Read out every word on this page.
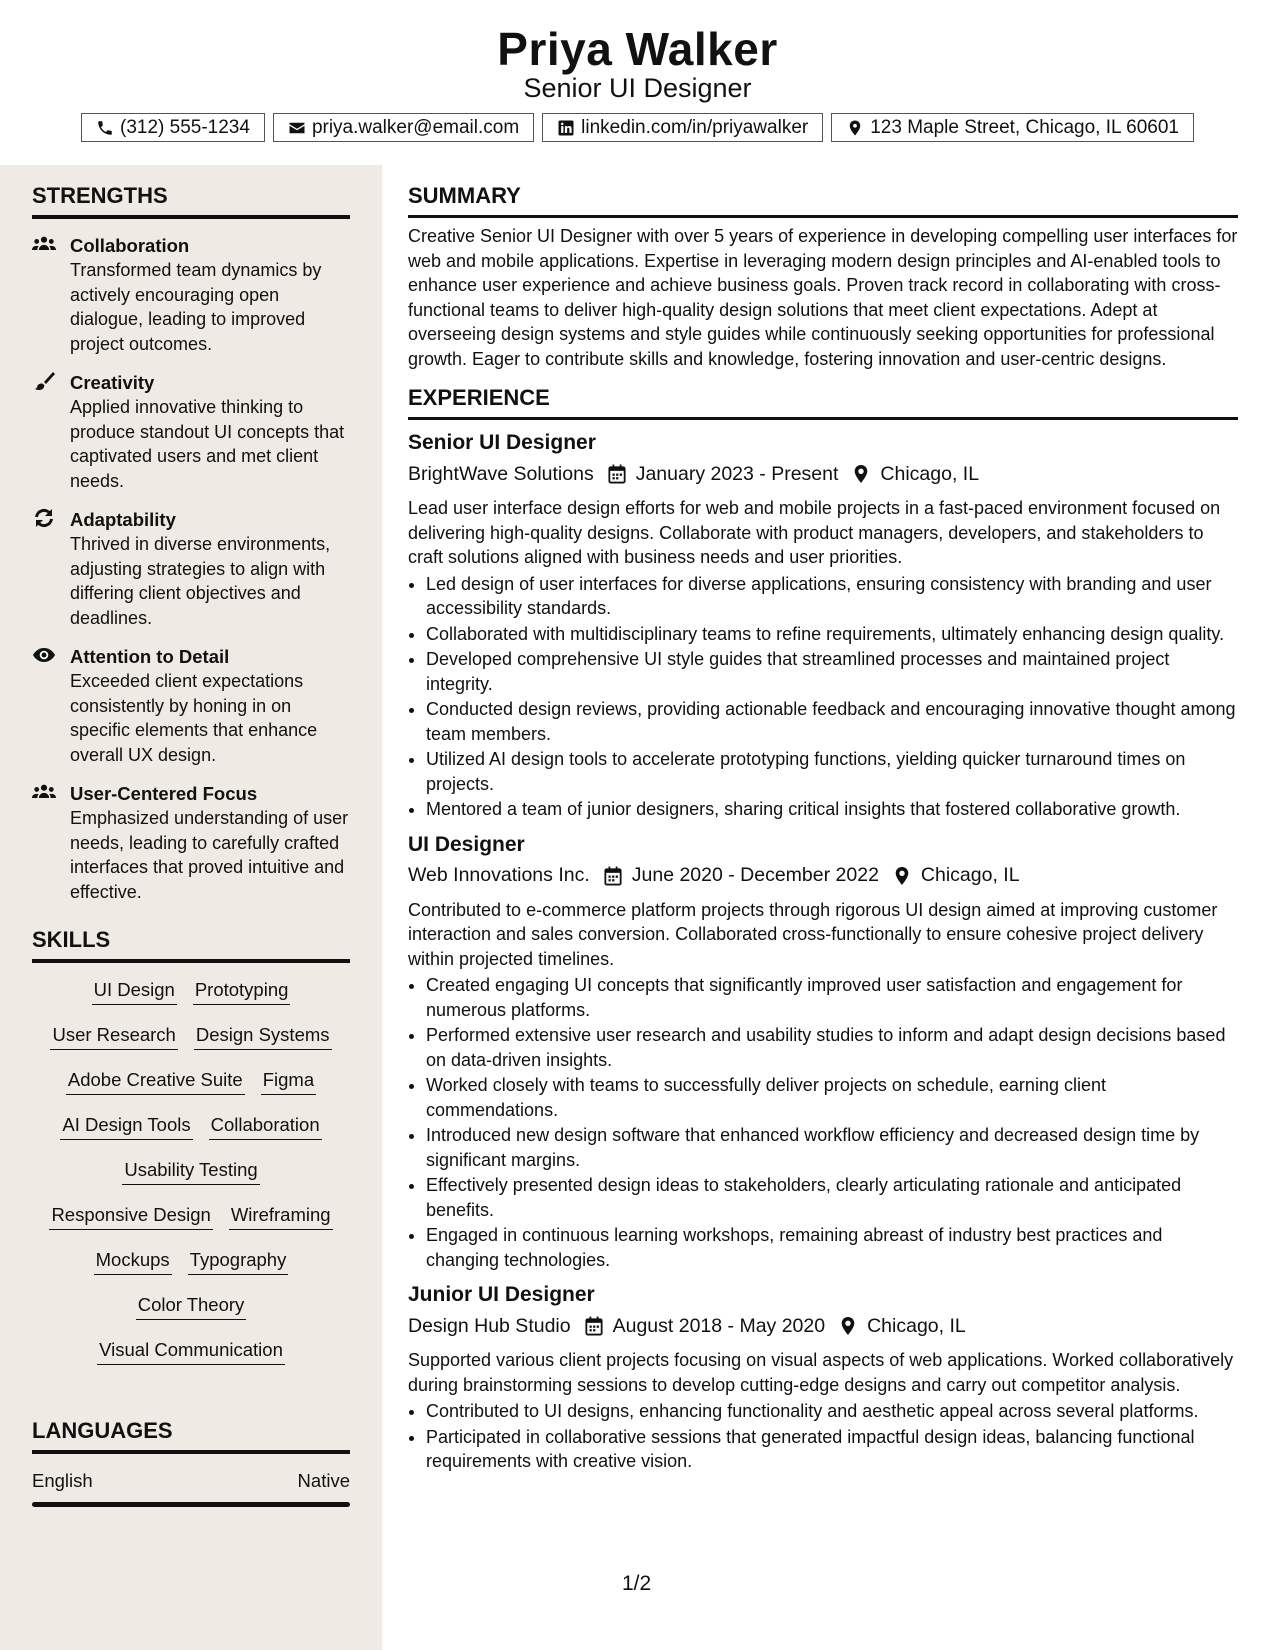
Priya Walker
Senior UI Designer
(312) 555-1234	priya.walker@email.com	linkedin.com/in/priyawalker	123 Maple Street, Chicago, IL 60601
STRENGTHS
Collaboration
Transformed team dynamics by actively encouraging open dialogue, leading to improved project outcomes.
Creativity
Applied innovative thinking to produce standout UI concepts that captivated users and met client needs.
Adaptability
Thrived in diverse environments, adjusting strategies to align with differing client objectives and deadlines.
Attention to Detail
Exceeded client expectations consistently by honing in on specific elements that enhance overall UX design.
User-Centered Focus
Emphasized understanding of user needs, leading to carefully crafted interfaces that proved intuitive and effective.
SKILLS
UI Design Prototyping
User Research Design Systems
Adobe Creative Suite Figma
AI Design Tools Collaboration
Usability Testing
Responsive Design Wireframing
Mockups Typography
Color Theory
Visual Communication
LANGUAGES
English	Native
SUMMARY
Creative Senior UI Designer with over 5 years of experience in developing compelling user interfaces for web and mobile applications. Expertise in leveraging modern design principles and AI-enabled tools to enhance user experience and achieve business goals. Proven track record in collaborating with cross-functional teams to deliver high-quality design solutions that meet client expectations. Adept at overseeing design systems and style guides while continuously seeking opportunities for professional growth. Eager to contribute skills and knowledge, fostering innovation and user-centric designs.
EXPERIENCE
Senior UI Designer
BrightWave Solutions January 2023 - Present Chicago, IL
Lead user interface design efforts for web and mobile projects in a fast-paced environment focused on delivering high-quality designs. Collaborate with product managers, developers, and stakeholders to craft solutions aligned with business needs and user priorities.
• Led design of user interfaces for diverse applications, ensuring consistency with branding and user accessibility standards.
• Collaborated with multidisciplinary teams to refine requirements, ultimately enhancing design quality.
• Developed comprehensive UI style guides that streamlined processes and maintained project integrity.
• Conducted design reviews, providing actionable feedback and encouraging innovative thought among team members.
• Utilized AI design tools to accelerate prototyping functions, yielding quicker turnaround times on projects.
• Mentored a team of junior designers, sharing critical insights that fostered collaborative growth.
UI Designer
Web Innovations Inc. June 2020 - December 2022 Chicago, IL
Contributed to e-commerce platform projects through rigorous UI design aimed at improving customer interaction and sales conversion. Collaborated cross-functionally to ensure cohesive project delivery within projected timelines.
• Created engaging UI concepts that significantly improved user satisfaction and engagement for numerous platforms.
• Performed extensive user research and usability studies to inform and adapt design decisions based on data-driven insights.
• Worked closely with teams to successfully deliver projects on schedule, earning client commendations.
• Introduced new design software that enhanced workflow efficiency and decreased design time by significant margins.
• Effectively presented design ideas to stakeholders, clearly articulating rationale and anticipated benefits.
• Engaged in continuous learning workshops, remaining abreast of industry best practices and changing technologies.
Junior UI Designer
Design Hub Studio August 2018 - May 2020 Chicago, IL
Supported various client projects focusing on visual aspects of web applications. Worked collaboratively during brainstorming sessions to develop cutting-edge designs and carry out competitor analysis.
• Contributed to UI designs, enhancing functionality and aesthetic appeal across several platforms.
• Participated in collaborative sessions that generated impactful design ideas, balancing functional requirements with creative vision.
1/2
